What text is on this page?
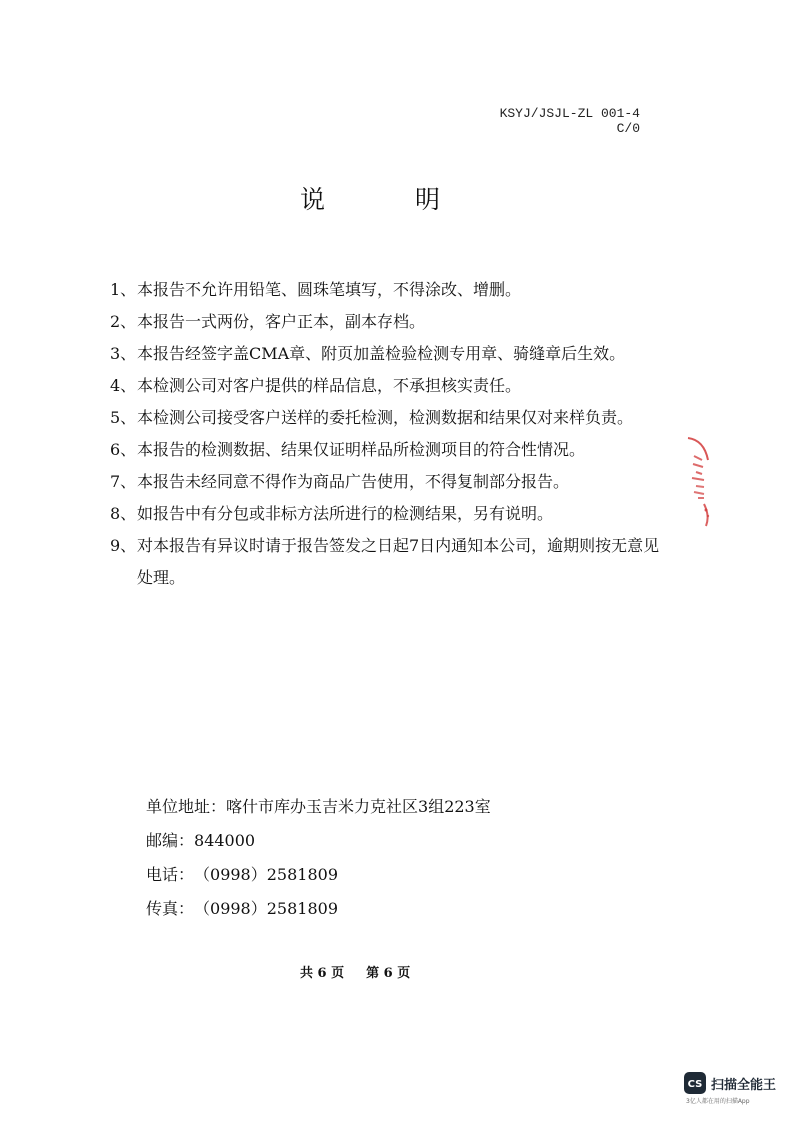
KSYJ/JSJL-ZL 001-4 C/0
说	明
1、 本报告不允许用铅笔、圆珠笔填写，不得涂改、增删。
2、 本报告一式两份，客户正本，副本存档。
3、 本报告经签字盖CMA章、附页加盖检验检测专用章、骑缝章后生效。
4、 本检测公司对客户提供的样品信息，不承担核实责任。
5、 本检测公司接受客户送样的委托检测，检测数据和结果仅对来样负责。
6、 本报告的检测数据、结果仅证明样品所检测项目的符合性情况。
7、 本报告未经同意不得作为商品广告使用，不得复制部分报告。
8、 如报告中有分包或非标方法所进行的检测结果，另有说明。
9、 对本报告有异议时请于报告签发之日起7日内通知本公司，逾期则按无意见处理。
单位地址： 喀什市库办玉吉米力克社区3组223室
邮编： 844000
电话： （0998）2581809
传真： （0998）2581809
共 6 页 第 6 页
CS 扫描全能王
3亿人都在用的扫描App
